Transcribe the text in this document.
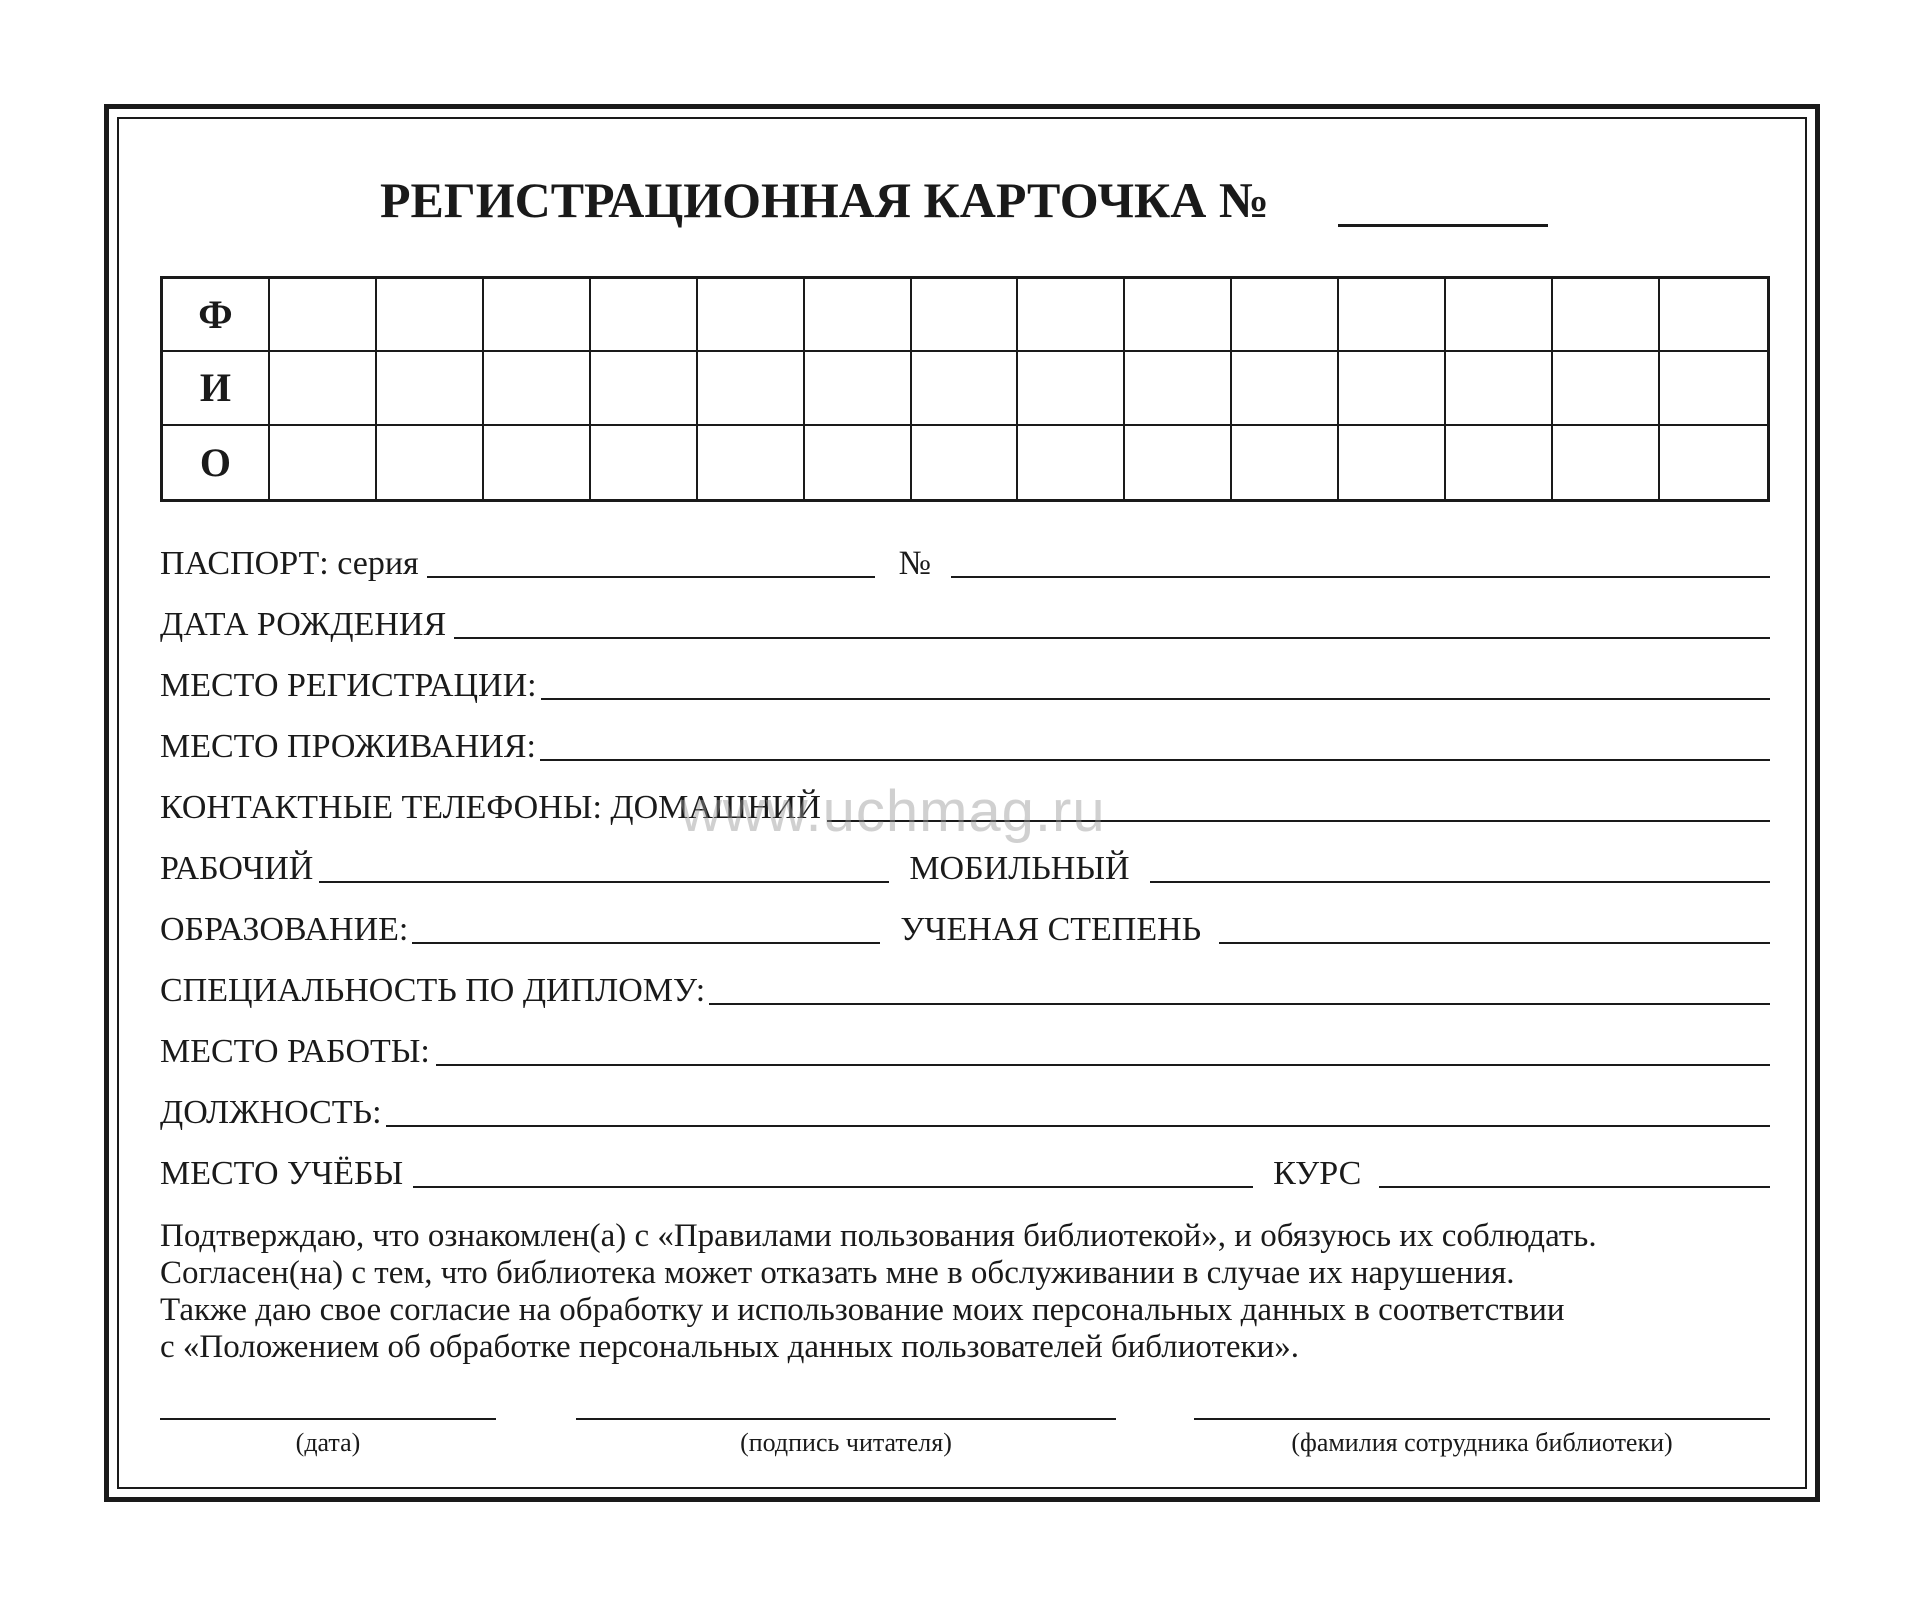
РЕГИСТРАЦИОННАЯ КАРТОЧКА №
Ф
И
О
ПАСПОРТ: серия	№
ДАТА РОЖДЕНИЯ
МЕСТО РЕГИСТРАЦИИ:
МЕСТО ПРОЖИВАНИЯ:
КОНТАКТНЫЕ ТЕЛЕФОНЫ: ДОМАШНИЙ
РАБОЧИЙ	МОБИЛЬНЫЙ
ОБРАЗОВАНИЕ:	УЧЕНАЯ СТЕПЕНЬ
СПЕЦИАЛЬНОСТЬ ПО ДИПЛОМУ:
МЕСТО РАБОТЫ:
ДОЛЖНОСТЬ:
МЕСТО УЧЁБЫ	КУРС
Подтверждаю, что ознакомлен(а) с «Правилами пользования библиотекой», и обязуюсь их соблюдать.
Согласен(на) с тем, что библиотека может отказать мне в обслуживании в случае их нарушения.
Также даю свое согласие на обработку и использование моих персональных данных в соответствии
с «Положением об обработке персональных данных пользователей библиотеки».
(дата)	(подпись читателя)	(фамилия сотрудника библиотеки)
www.uchmag.ru
